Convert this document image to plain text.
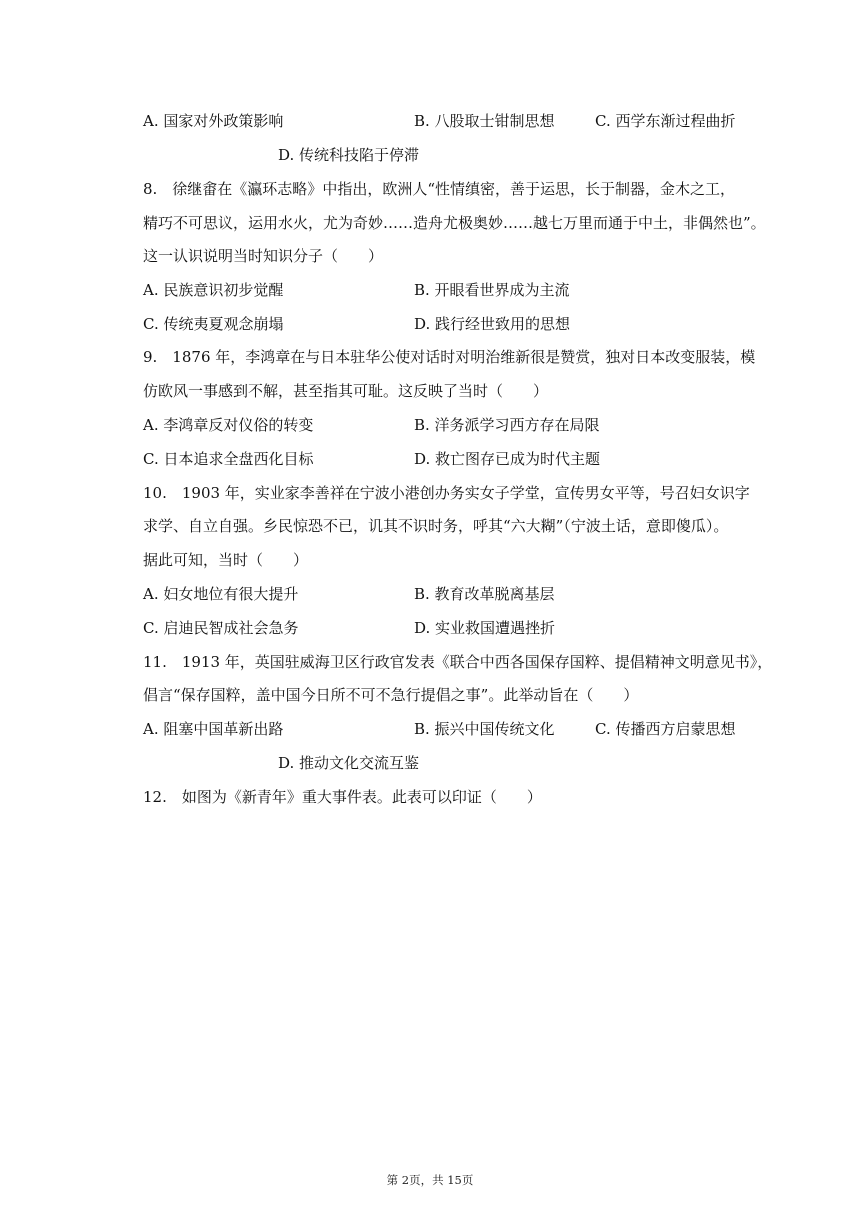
A. 国家对外政策影响	B. 八股取士钳制思想	C. 西学东渐过程曲折
D. 传统科技陷于停滞
8.　徐继畬在《瀛环志略》中指出，欧洲人“性情缜密，善于运思，长于制器，金木之工，
精巧不可思议，运用水火，尤为奇妙……造舟尤极奥妙……越七万里而通于中土，非偶然也”。
这一认识说明当时知识分子（　　）
A. 民族意识初步觉醒	B. 开眼看世界成为主流
C. 传统夷夏观念崩塌	D. 践行经世致用的思想
9.　1876 年，李鸿章在与日本驻华公使对话时对明治维新很是赞赏，独对日本改变服装，模
仿欧风一事感到不解，甚至指其可耻。这反映了当时（　　）
A. 李鸿章反对仪俗的转变	B. 洋务派学习西方存在局限
C. 日本追求全盘西化目标	D. 救亡图存已成为时代主题
10.　1903 年，实业家李善祥在宁波小港创办务实女子学堂，宣传男女平等，号召妇女识字
求学、自立自强。乡民惊恐不已，讥其不识时务，呼其“六大糊”（宁波土话，意即傻瓜）。
据此可知，当时（　　）
A. 妇女地位有很大提升	B. 教育改革脱离基层
C. 启迪民智成社会急务	D. 实业救国遭遇挫折
11.　1913 年，英国驻威海卫区行政官发表《联合中西各国保存国粹、提倡精神文明意见书》，
倡言“保存国粹，盖中国今日所不可不急行提倡之事”。此举动旨在（　　）
A. 阻塞中国革新出路	B. 振兴中国传统文化	C. 传播西方启蒙思想
D. 推动文化交流互鉴
12.　如图为《新青年》重大事件表。此表可以印证（　　）
第 2页，共 15页
